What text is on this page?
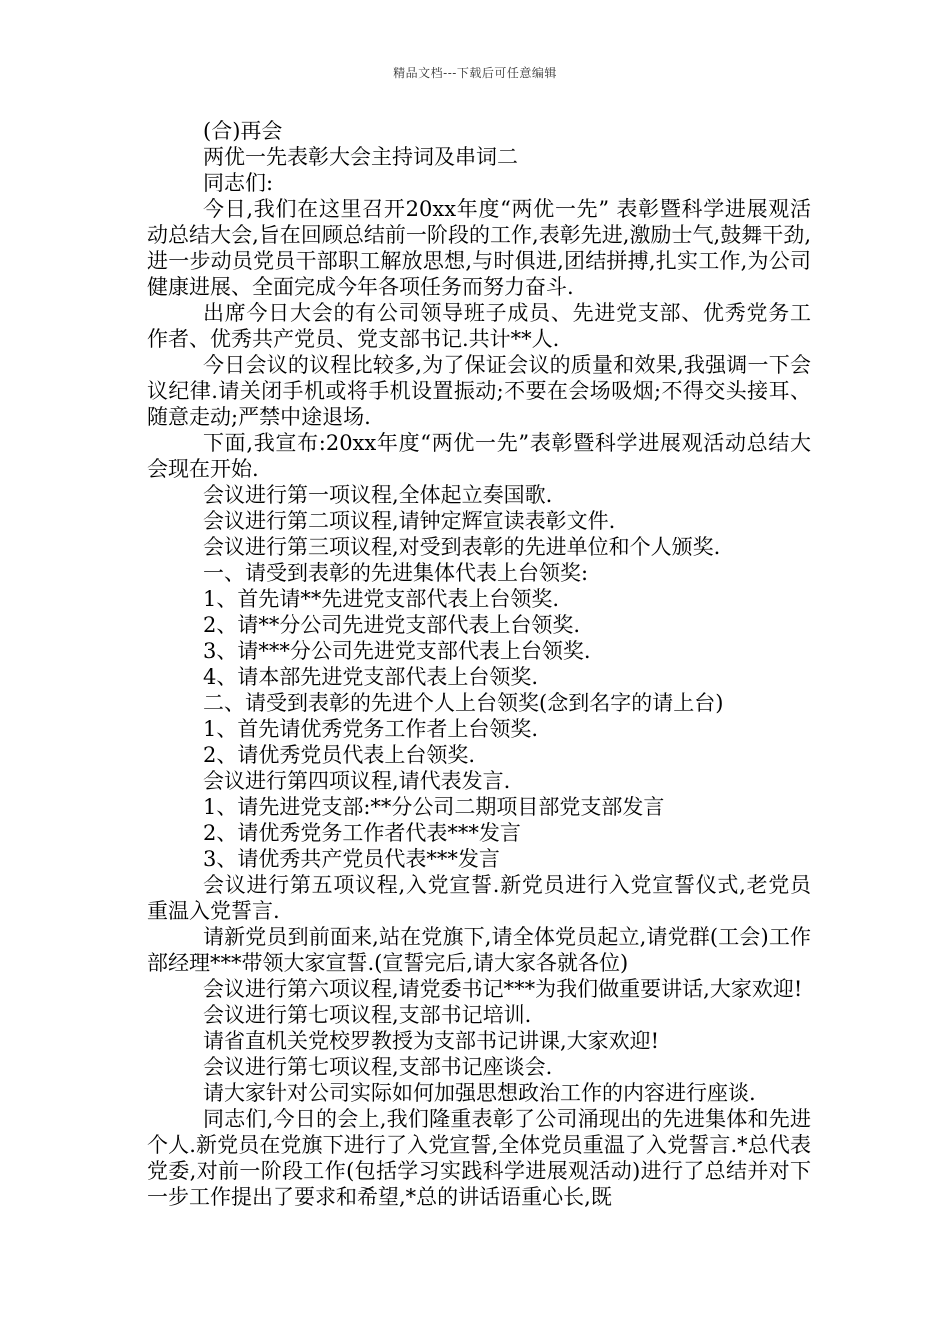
精品文档---下载后可任意编辑
(合)再会
两优一先表彰大会主持词及串词二
同志们:

今日,我们在这里召开20xx年度“两优一先” 表彰暨科学进展观活动总结大会,旨在回顾总结前一阶段的工作,表彰先进,激励士气,鼓舞干劲,进一步动员党员干部职工解放思想,与时俱进,团结拼搏,扎实工作,为公司健康进展、全面完成今年各项任务而努力奋斗.

出席今日大会的有公司领导班子成员、先进党支部、优秀党务工作者、优秀共产党员、党支部书记.共计**人.

今日会议的议程比较多,为了保证会议的质量和效果,我强调一下会议纪律.请关闭手机或将手机设置振动;不要在会场吸烟;不得交头接耳、随意走动;严禁中途退场.

下面,我宣布:20xx年度“两优一先”表彰暨科学进展观活动总结大会现在开始.

会议进行第一项议程,全体起立奏国歌.
会议进行第二项议程,请钟定辉宣读表彰文件.
会议进行第三项议程,对受到表彰的先进单位和个人颁奖.
一、请受到表彰的先进集体代表上台领奖:
1、首先请**先进党支部代表上台领奖.
2、请**分公司先进党支部代表上台领奖.
3、请***分公司先进党支部代表上台领奖.
4、请本部先进党支部代表上台领奖.
二、请受到表彰的先进个人上台领奖(念到名字的请上台)
1、首先请优秀党务工作者上台领奖.
2、请优秀党员代表上台领奖.
会议进行第四项议程,请代表发言.
1、请先进党支部:**分公司二期项目部党支部发言
2、请优秀党务工作者代表***发言
3、请优秀共产党员代表***发言

会议进行第五项议程,入党宣誓.新党员进行入党宣誓仪式,老党员重温入党誓言.

请新党员到前面来,站在党旗下,请全体党员起立,请党群(工会)工作部经理***带领大家宣誓.(宣誓完后,请大家各就各位)

会议进行第六项议程,请党委书记***为我们做重要讲话,大家欢迎!

会议进行第七项议程,支部书记培训.
请省直机关党校罗教授为支部书记讲课,大家欢迎!
会议进行第七项议程,支部书记座谈会.
请大家针对公司实际如何加强思想政治工作的内容进行座谈.

同志们,今日的会上,我们隆重表彰了公司涌现出的先进集体和先进个人.新党员在党旗下进行了入党宣誓,全体党员重温了入党誓言.*总代表党委,对前一阶段工作(包括学习实践科学进展观活动)进行了总结并对下一步工作提出了要求和希望,*总的讲话语重心长,既
